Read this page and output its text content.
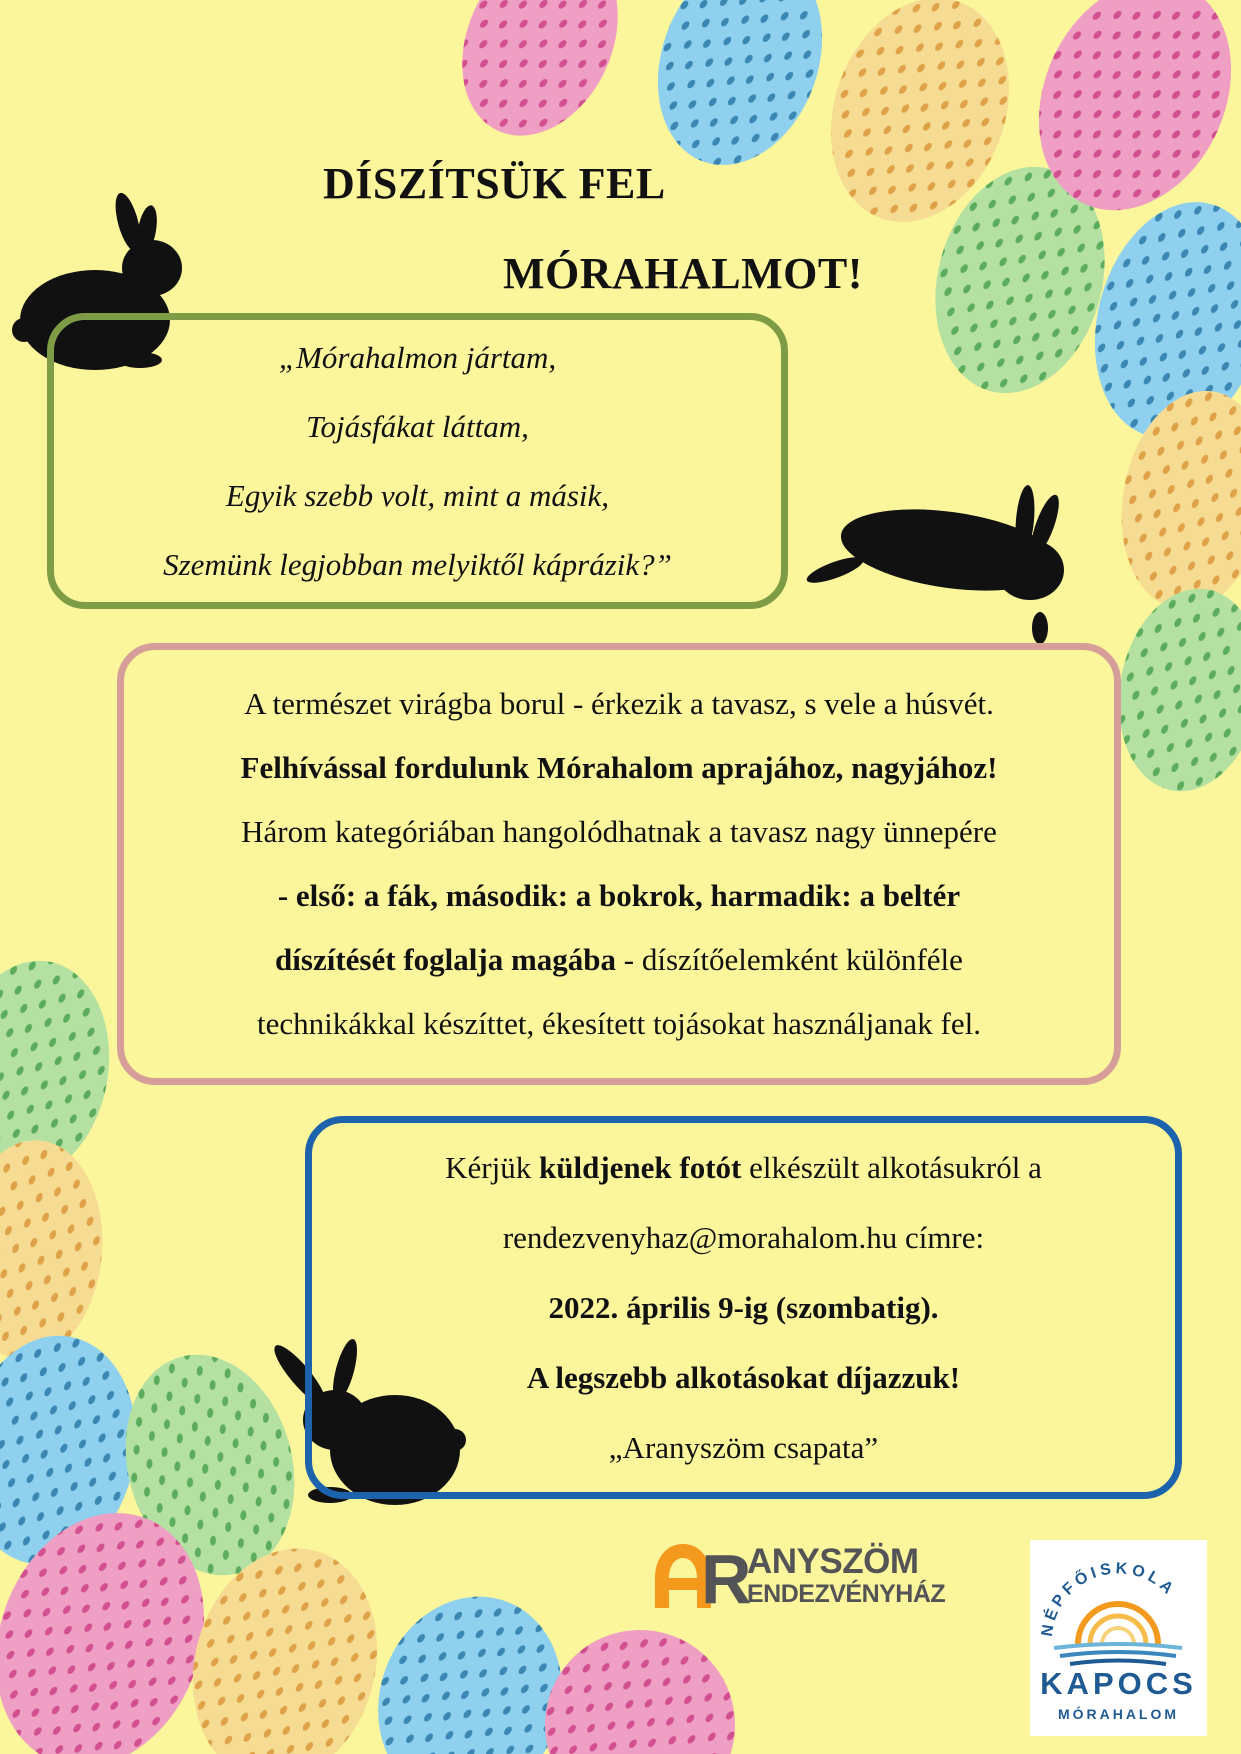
DÍSZÍTSÜK FEL
MÓRAHALMOT!
„Mórahalmon jártam,
Tojásfákat láttam,
Egyik szebb volt, mint a másik,
Szemünk legjobban melyiktől káprázik?”
A természet virágba borul - érkezik a tavasz, s vele a húsvét.
Felhívással fordulunk Mórahalom aprajához, nagyjához!
Három kategóriában hangolódhatnak a tavasz nagy ünnepére
- első: a fák, második: a bokrok, harmadik: a beltér
díszítését foglalja magába - díszítőelemként különféle
technikákkal készíttet, ékesített tojásokat használjanak fel.
Kérjük küldjenek fotót elkészült alkotásukról a
rendezvenyhaz@morahalom.hu címre:
2022. április 9-ig (szombatig).
A legszebb alkotásokat díjazzuk!
„Aranyszöm csapata”
R
ANYSZÖM
ENDEZVÉNYHÁZ
NÉPFŐISKOLA
KAPOCS
MÓRAHALOM
